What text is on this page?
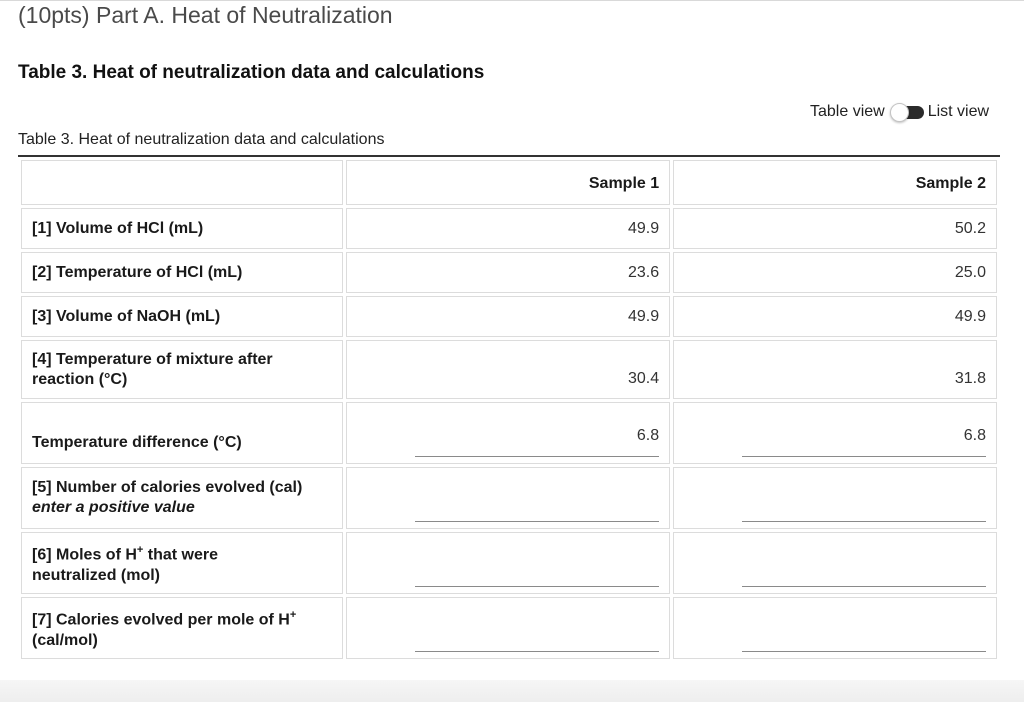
(10pts) Part A. Heat of Neutralization
Table 3. Heat of neutralization data and calculations
Table view	List view
Table 3. Heat of neutralization data and calculations
	Sample 1	Sample 2
[1] Volume of HCl (mL)	49.9	50.2
[2] Temperature of HCl (mL)	23.6	25.0
[3] Volume of NaOH (mL)	49.9	49.9
[4] Temperature of mixture after reaction (°C)	30.4	31.8
Temperature difference (°C)	6.8	6.8

[5] Number of calories evolved (cal)
enter a positive value		

[6] Moles of H+ that were neutralized (mol)	

[7] Calories evolved per mole of H+ (cal/mol)	
